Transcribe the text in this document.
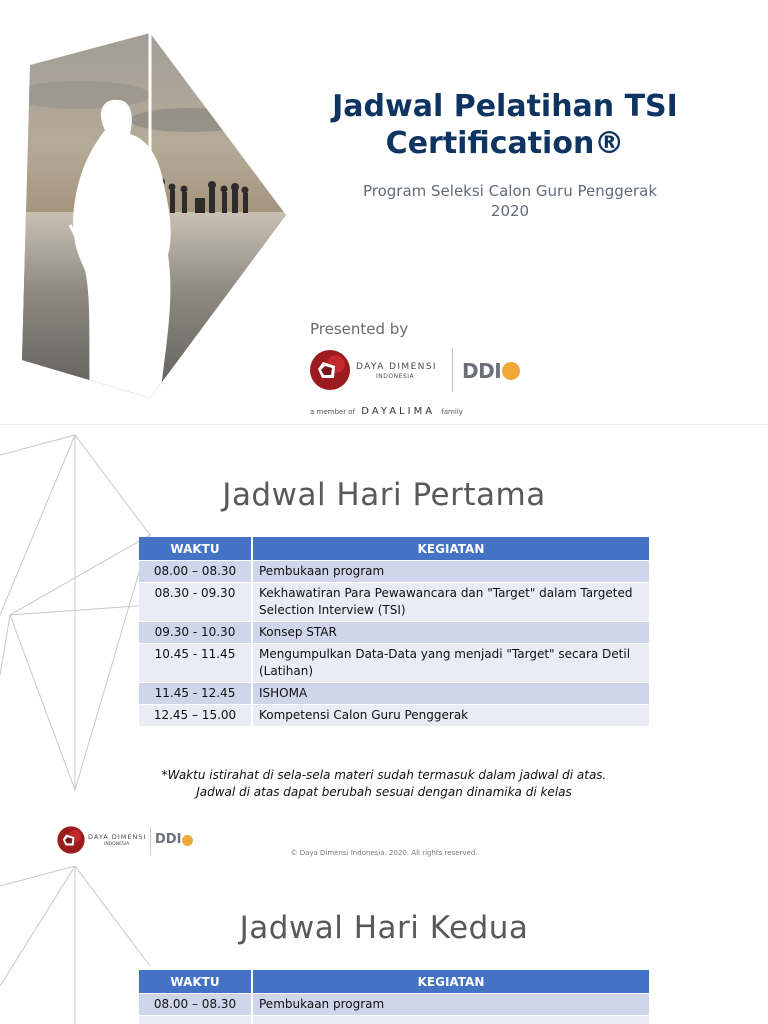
Jadwal Pelatihan TSI
Certification®
Program Seleksi Calon Guru Penggerak
2020
Presented by
DAYA DIMENSI
INDONESIA DDI
a member of DAYALIMA family
Jadwal Hari Pertama
WAKTU	KEGIATAN
08.00 – 08.30	Pembukaan program
08.30 - 09.30	Kekhawatiran Para Pewawancara dan "Target" dalam Targeted Selection Interview (TSI)
09.30 - 10.30	Konsep STAR
10.45 - 11.45	Mengumpulkan Data-Data yang menjadi "Target" secara Detil (Latihan)
11.45 - 12.45	ISHOMA
12.45 – 15.00	Kompetensi Calon Guru Penggerak
*Waktu istirahat di sela-sela materi sudah termasuk dalam jadwal di atas.
Jadwal di atas dapat berubah sesuai dengan dinamika di kelas
DAYA DIMENSI
INDONESIA DDI
© Daya Dimensi Indonesia. 2020. All rights reserved.
Jadwal Hari Kedua
WAKTU	KEGIATAN
08.00 – 08.30	Pembukaan program
